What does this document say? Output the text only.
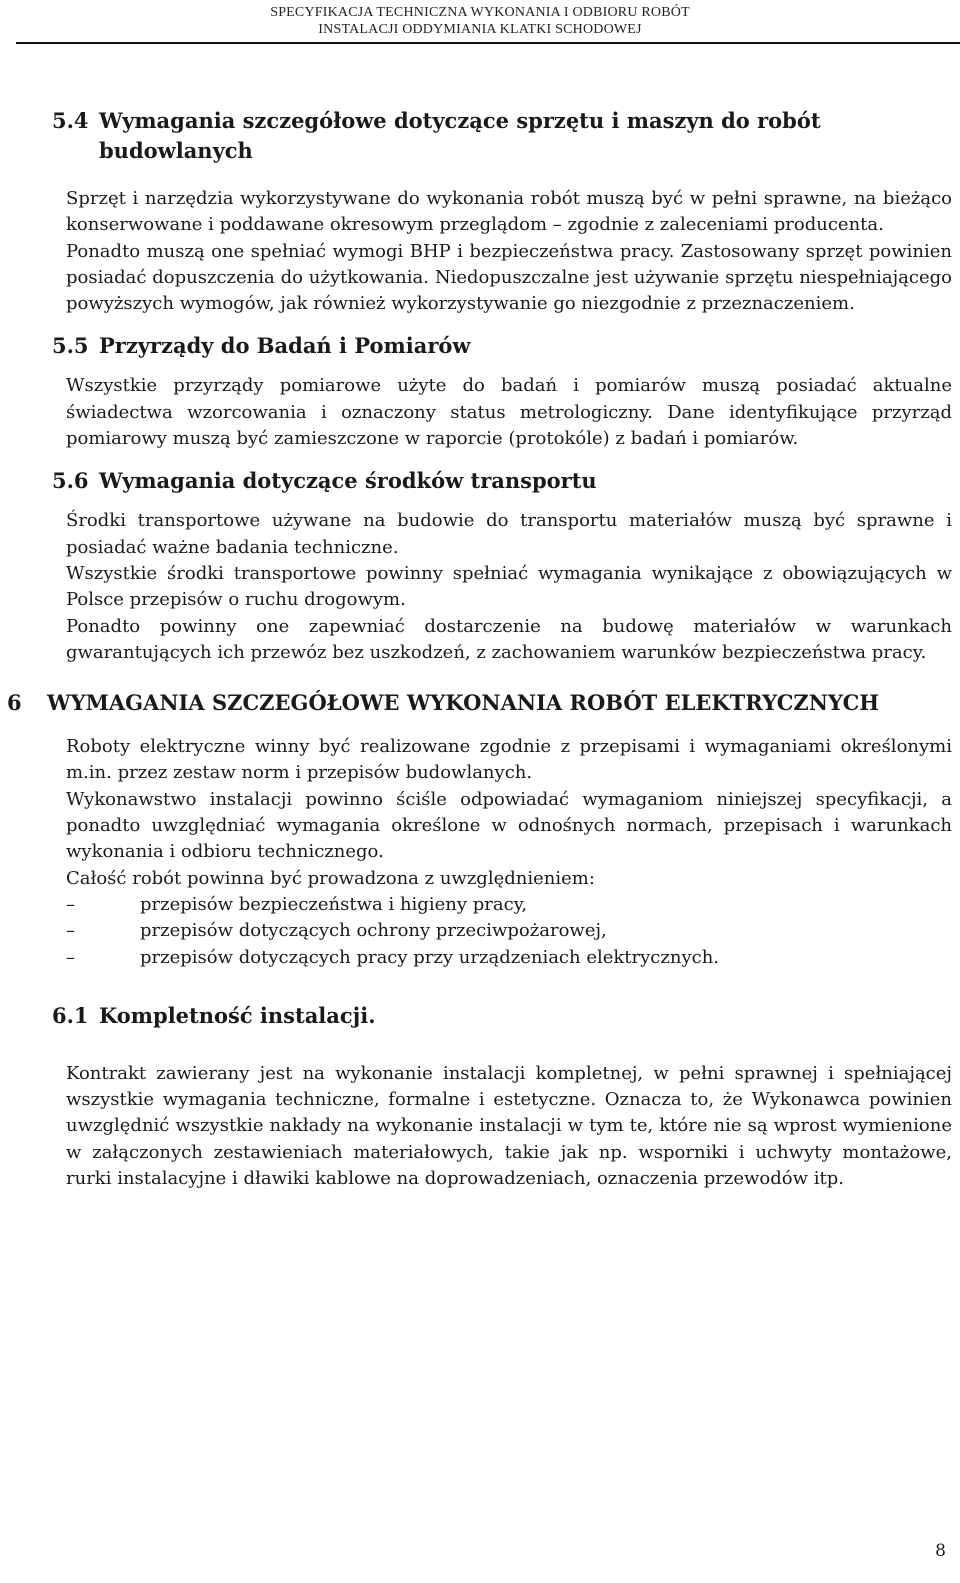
SPECYFIKACJA TECHNICZNA WYKONANIA I ODBIORU ROBÓT
INSTALACJI ODDYMIANIA KLATKI SCHODOWEJ
5.4 Wymagania szczegółowe dotyczące sprzętu i maszyn do robót budowlanych

Sprzęt i narzędzia wykorzystywane do wykonania robót muszą być w pełni sprawne, na bieżąco konserwowane i poddawane okresowym przeglądom – zgodnie z zaleceniami producenta.

Ponadto muszą one spełniać wymogi BHP i bezpieczeństwa pracy. Zastosowany sprzęt powinien posiadać dopuszczenia do użytkowania. Niedopuszczalne jest używanie sprzętu niespełniającego powyższych wymogów, jak również wykorzystywanie go niezgodnie z przeznaczeniem.

5.5 Przyrządy do Badań i Pomiarów

Wszystkie przyrządy pomiarowe użyte do badań i pomiarów muszą posiadać aktualne świadectwa wzorcowania i oznaczony status metrologiczny. Dane identyfikujące przyrząd pomiarowy muszą być zamieszczone w raporcie (protokóle) z badań i pomiarów.

5.6 Wymagania dotyczące środków transportu

Środki transportowe używane na budowie do transportu materiałów muszą być sprawne i posiadać ważne badania techniczne.

Wszystkie środki transportowe powinny spełniać wymagania wynikające z obowiązujących w Polsce przepisów o ruchu drogowym.

Ponadto powinny one zapewniać dostarczenie na budowę materiałów w warunkach gwarantujących ich przewóz bez uszkodzeń, z zachowaniem warunków bezpieczeństwa pracy.

6	WYMAGANIA SZCZEGÓŁOWE WYKONANIA ROBÓT ELEKTRYCZNYCH

Roboty elektryczne winny być realizowane zgodnie z przepisami i wymaganiami określonymi m.in. przez zestaw norm i przepisów budowlanych.

Wykonawstwo instalacji powinno ściśle odpowiadać wymaganiom niniejszej specyfikacji, a ponadto uwzględniać wymagania określone w odnośnych normach, przepisach i warunkach wykonania i odbioru technicznego.

Całość robót powinna być prowadzona z uwzględnieniem:

–	przepisów bezpieczeństwa i higieny pracy,
–	przepisów dotyczących ochrony przeciwpożarowej,
–	przepisów dotyczących pracy przy urządzeniach elektrycznych.
6.1 Kompletność instalacji.

Kontrakt zawierany jest na wykonanie instalacji kompletnej, w pełni sprawnej i spełniającej wszystkie wymagania techniczne, formalne i estetyczne. Oznacza to, że Wykonawca powinien uwzględnić wszystkie nakłady na wykonanie instalacji w tym te, które nie są wprost wymienione w załączonych zestawieniach materiałowych, takie jak np. wsporniki i uchwyty montażowe, rurki instalacyjne i dławiki kablowe na doprowadzeniach, oznaczenia przewodów itp.

8
